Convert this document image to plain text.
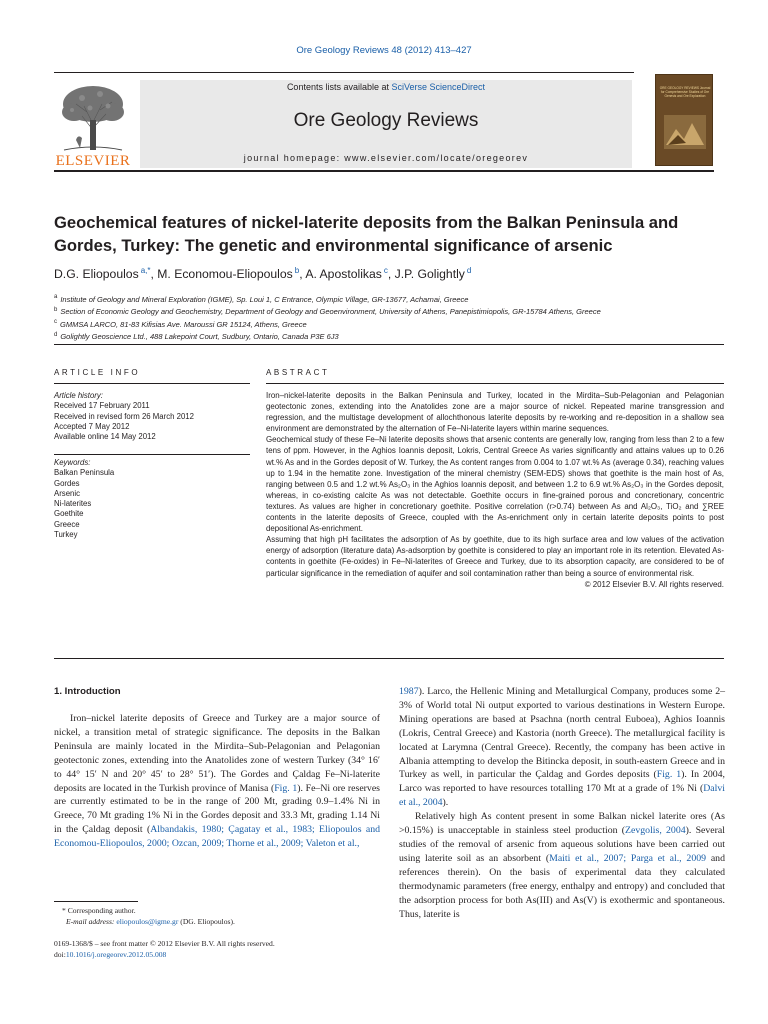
Ore Geology Reviews 48 (2012) 413–427
ELSEVIER
Contents lists available at SciVerse ScienceDirect
Ore Geology Reviews
journal homepage: www.elsevier.com/locate/oregeorev
ORE GEOLOGY REVIEWS Journal for Comprehensive Studies of Ore Genesis and Ore Exploration
Geochemical features of nickel-laterite deposits from the Balkan Peninsula and Gordes, Turkey: The genetic and environmental significance of arsenic
D.G. Eliopoulos $^{a,*}$, M. Economou-Eliopoulos $^b$, A. Apostolikas $^c$, J.P. Golightly $^d$
$^a$ Institute of Geology and Mineral Exploration (IGME), Sp. Loui 1, C Entrance, Olympic Village, GR-13677, Acharnai, Greece
$^b$ Section of Economic Geology and Geochemistry, Department of Geology and Geoenvironment, University of Athens, Panepistimiopolis, GR-15784 Athens, Greece
$^c$ GMMSA LARCO, 81-83 Kifisias Ave. Maroussi GR 15124, Athens, Greece
$^d$ Golightly Geoscience Ltd., 488 Lakepoint Court, Sudbury, Ontario, Canada P3E 6J3
ARTICLE INFO	ABSTRACT
Article history:
Received 17 February 2011
Received in revised form 26 March 2012
Accepted 7 May 2012
Available online 14 May 2012
Keywords:
Balkan Peninsula
Gordes
Arsenic
Ni-laterites
Goethite
Greece
Turkey

Iron–nickel-laterite deposits in the Balkan Peninsula and Turkey, located in the Mirdita–Sub-Pelagonian and Pelagonian geotectonic zones, extending into the Anatolides zone are a major source of nickel. Repeated marine transgression and regression, and the multistage development of allochthonous laterite deposits by re-working and re-deposition in a shallow sea environment are demonstrated by the alternation of Fe–Ni-laterite layers within marine sequences.

Geochemical study of these Fe–Ni laterite deposits shows that arsenic contents are generally low, ranging from less than 2 to a few tens of ppm. However, in the Aghios Ioannis deposit, Lokris, Central Greece As varies significantly and attains values up to 0.26 wt.% As and in the Gordes deposit of W. Turkey, the As content ranges from 0.004 to 1.07 wt.% As (average 0.34), reaching values up to 1.94 in the hematite zone. Investigation of the mineral chemistry (SEM-EDS) shows that goethite is the main host of As, ranging between 0.5 and 1.2 wt.% As₂O₃ in the Aghios Ioannis deposit, and between 1.2 to 6.9 wt.% As₂O₃ in the Gordes deposit, whereas, in co-existing calcite As was not detectable. Goethite occurs in fine-grained porous and concretionary, concentric textures. As values are higher in concretionary goethite. Positive correlation (r>0.74) between As and Al₂O₃, TiO₂ and ∑REE contents in the laterite deposits of Greece, coupled with the As-enrichment only in certain laterite deposits points to post depositional As-enrichment.

Assuming that high pH facilitates the adsorption of As by goethite, due to its high surface area and low values of the activation energy of adsorption (literature data) As-adsorption by goethite is considered to play an important role in its retention. Elevated As-contents in goethite (Fe-oxides) in Fe–Ni-laterites of Greece and Turkey, due to its absorption capacity, are considered to be of particular significance in the remediation of aquifer and soil contamination rather than being a source of environmental risk.

© 2012 Elsevier B.V. All rights reserved.

1. Introduction

Iron–nickel laterite deposits of Greece and Turkey are a major source of nickel, a transition metal of strategic significance. The deposits in the Balkan Peninsula are mainly located in the Mirdita–Sub-Pelagonian and Pelagonian geotectonic zones, extending into the Anatolides zone of western Turkey (34° 16′ to 44° 15′ N and 20° 45′ to 28° 51′). The Gordes and Çaldag Fe–Ni-laterite deposits are located in the Turkish province of Manisa (Fig. 1). Fe–Ni ore reserves are currently estimated to be in the range of 200 Mt, grading 0.9–1.4% Ni in Greece, 70 Mt grading 1% Ni in the Gordes deposit and 33.3 Mt, grading 1.14 Ni in the Çaldag deposit (Albandakis, 1980; Çagatay et al., 1983; Eliopoulos and Economou-Eliopoulos, 2000; Ozcan, 2009; Thorne et al., 2009; Valeton et al.,

* Corresponding author.
E-mail address: eliopoulos@igme.gr (DG. Eliopoulos).
0169-1368/$ – see front matter © 2012 Elsevier B.V. All rights reserved.
doi:10.1016/j.oregeorev.2012.05.008

1987). Larco, the Hellenic Mining and Metallurgical Company, produces some 2–3% of World total Ni output exported to various destinations in Western Europe. Mining operations are based at Psachna (north central Euboea), Aghios Ioannis (Lokris, Central Greece) and Kastoria (north Greece). The metallurgical facility is located at Larymna (Central Greece). Recently, the company has been active in Albania attempting to develop the Bitincka deposit, in south-eastern Greece and in Turkey as well, in particular the Çaldag and Gordes deposits (Fig. 1). In 2004, Larco was reported to have resources totalling 170 Mt at a grade of 1% Ni (Dalvi et al., 2004).

Relatively high As content present in some Balkan nickel laterite ores (As >0.15%) is unacceptable in stainless steel production (Zevgolis, 2004). Several studies of the removal of arsenic from aqueous solutions have been carried out using laterite soil as an absorbent (Maiti et al., 2007; Parga et al., 2009 and references therein). On the basis of experimental data they calculated thermodynamic parameters (free energy, enthalpy and entropy) and concluded that the adsorption process for both As(III) and As(V) is exothermic and spontaneous. Thus, laterite is
